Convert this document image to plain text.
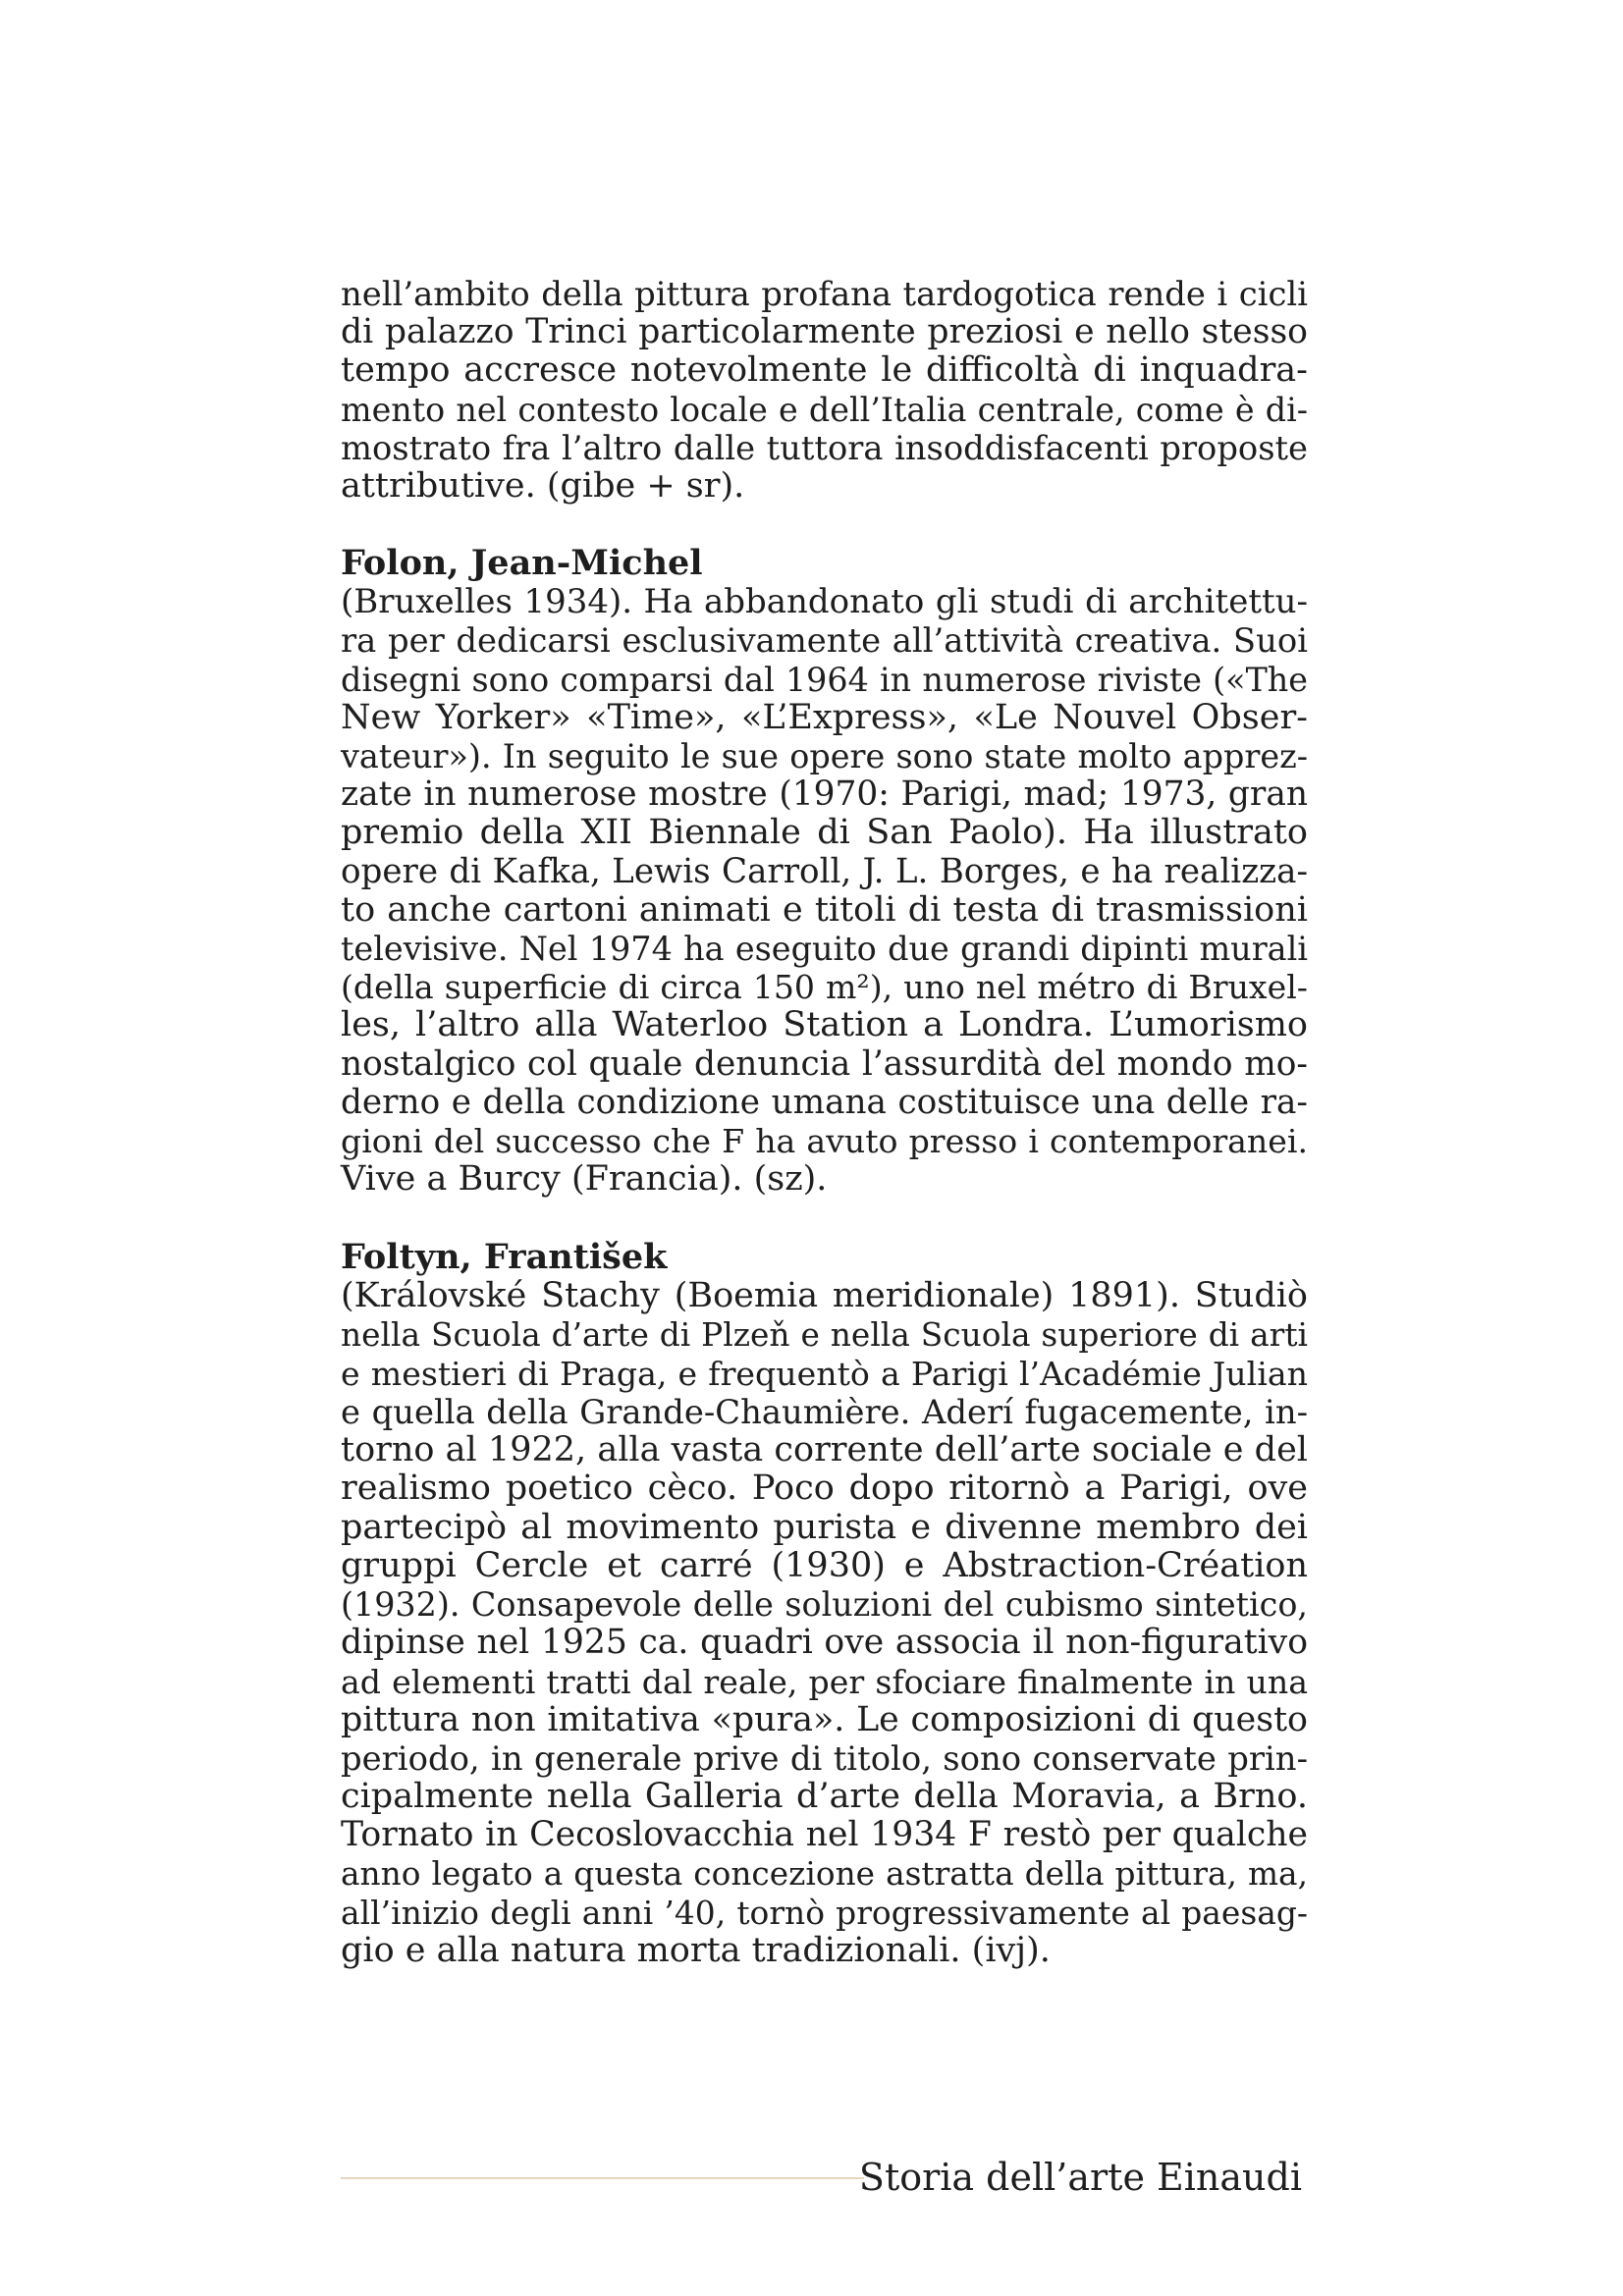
nell’ambito della pittura profana tardogotica rende i cicli
di palazzo Trinci particolarmente preziosi e nello stesso
tempo accresce notevolmente le difficoltà di inquadra-
mento nel contesto locale e dell’Italia centrale, come è di-
mostrato fra l’altro dalle tuttora insoddisfacenti proposte
attributive. (gibe + sr).
Folon, Jean-Michel
(Bruxelles 1934). Ha abbandonato gli studi di architettu-
ra per dedicarsi esclusivamente all’attività creativa. Suoi
disegni sono comparsi dal 1964 in numerose riviste («The
New Yorker» «Time», «L’Express», «Le Nouvel Obser-
vateur»). In seguito le sue opere sono state molto apprez-
zate in numerose mostre (1970: Parigi, mad; 1973, gran
premio della XII Biennale di San Paolo). Ha illustrato
opere di Kafka, Lewis Carroll, J. L. Borges, e ha realizza-
to anche cartoni animati e titoli di testa di trasmissioni
televisive. Nel 1974 ha eseguito due grandi dipinti murali
(della superficie di circa 150 m²), uno nel métro di Bruxel-
les, l’altro alla Waterloo Station a Londra. L’umorismo
nostalgico col quale denuncia l’assurdità del mondo mo-
derno e della condizione umana costituisce una delle ra-
gioni del successo che F ha avuto presso i contemporanei.
Vive a Burcy (Francia). (sz).
Foltyn, František
(Královské Stachy (Boemia meridionale) 1891). Studiò
nella Scuola d’arte di Plzeň e nella Scuola superiore di arti
e mestieri di Praga, e frequentò a Parigi l’Académie Julian
e quella della Grande-Chaumière. Aderí fugacemente, in-
torno al 1922, alla vasta corrente dell’arte sociale e del
realismo poetico cèco. Poco dopo ritornò a Parigi, ove
partecipò al movimento purista e divenne membro dei
gruppi Cercle et carré (1930) e Abstraction-Création
(1932). Consapevole delle soluzioni del cubismo sintetico,
dipinse nel 1925 ca. quadri ove associa il non-figurativo
ad elementi tratti dal reale, per sfociare finalmente in una
pittura non imitativa «pura». Le composizioni di questo
periodo, in generale prive di titolo, sono conservate prin-
cipalmente nella Galleria d’arte della Moravia, a Brno.
Tornato in Cecoslovacchia nel 1934 F restò per qualche
anno legato a questa concezione astratta della pittura, ma,
all’inizio degli anni ’40, tornò progressivamente al paesag-
gio e alla natura morta tradizionali. (ivj).
Storia dell’arte Einaudi
